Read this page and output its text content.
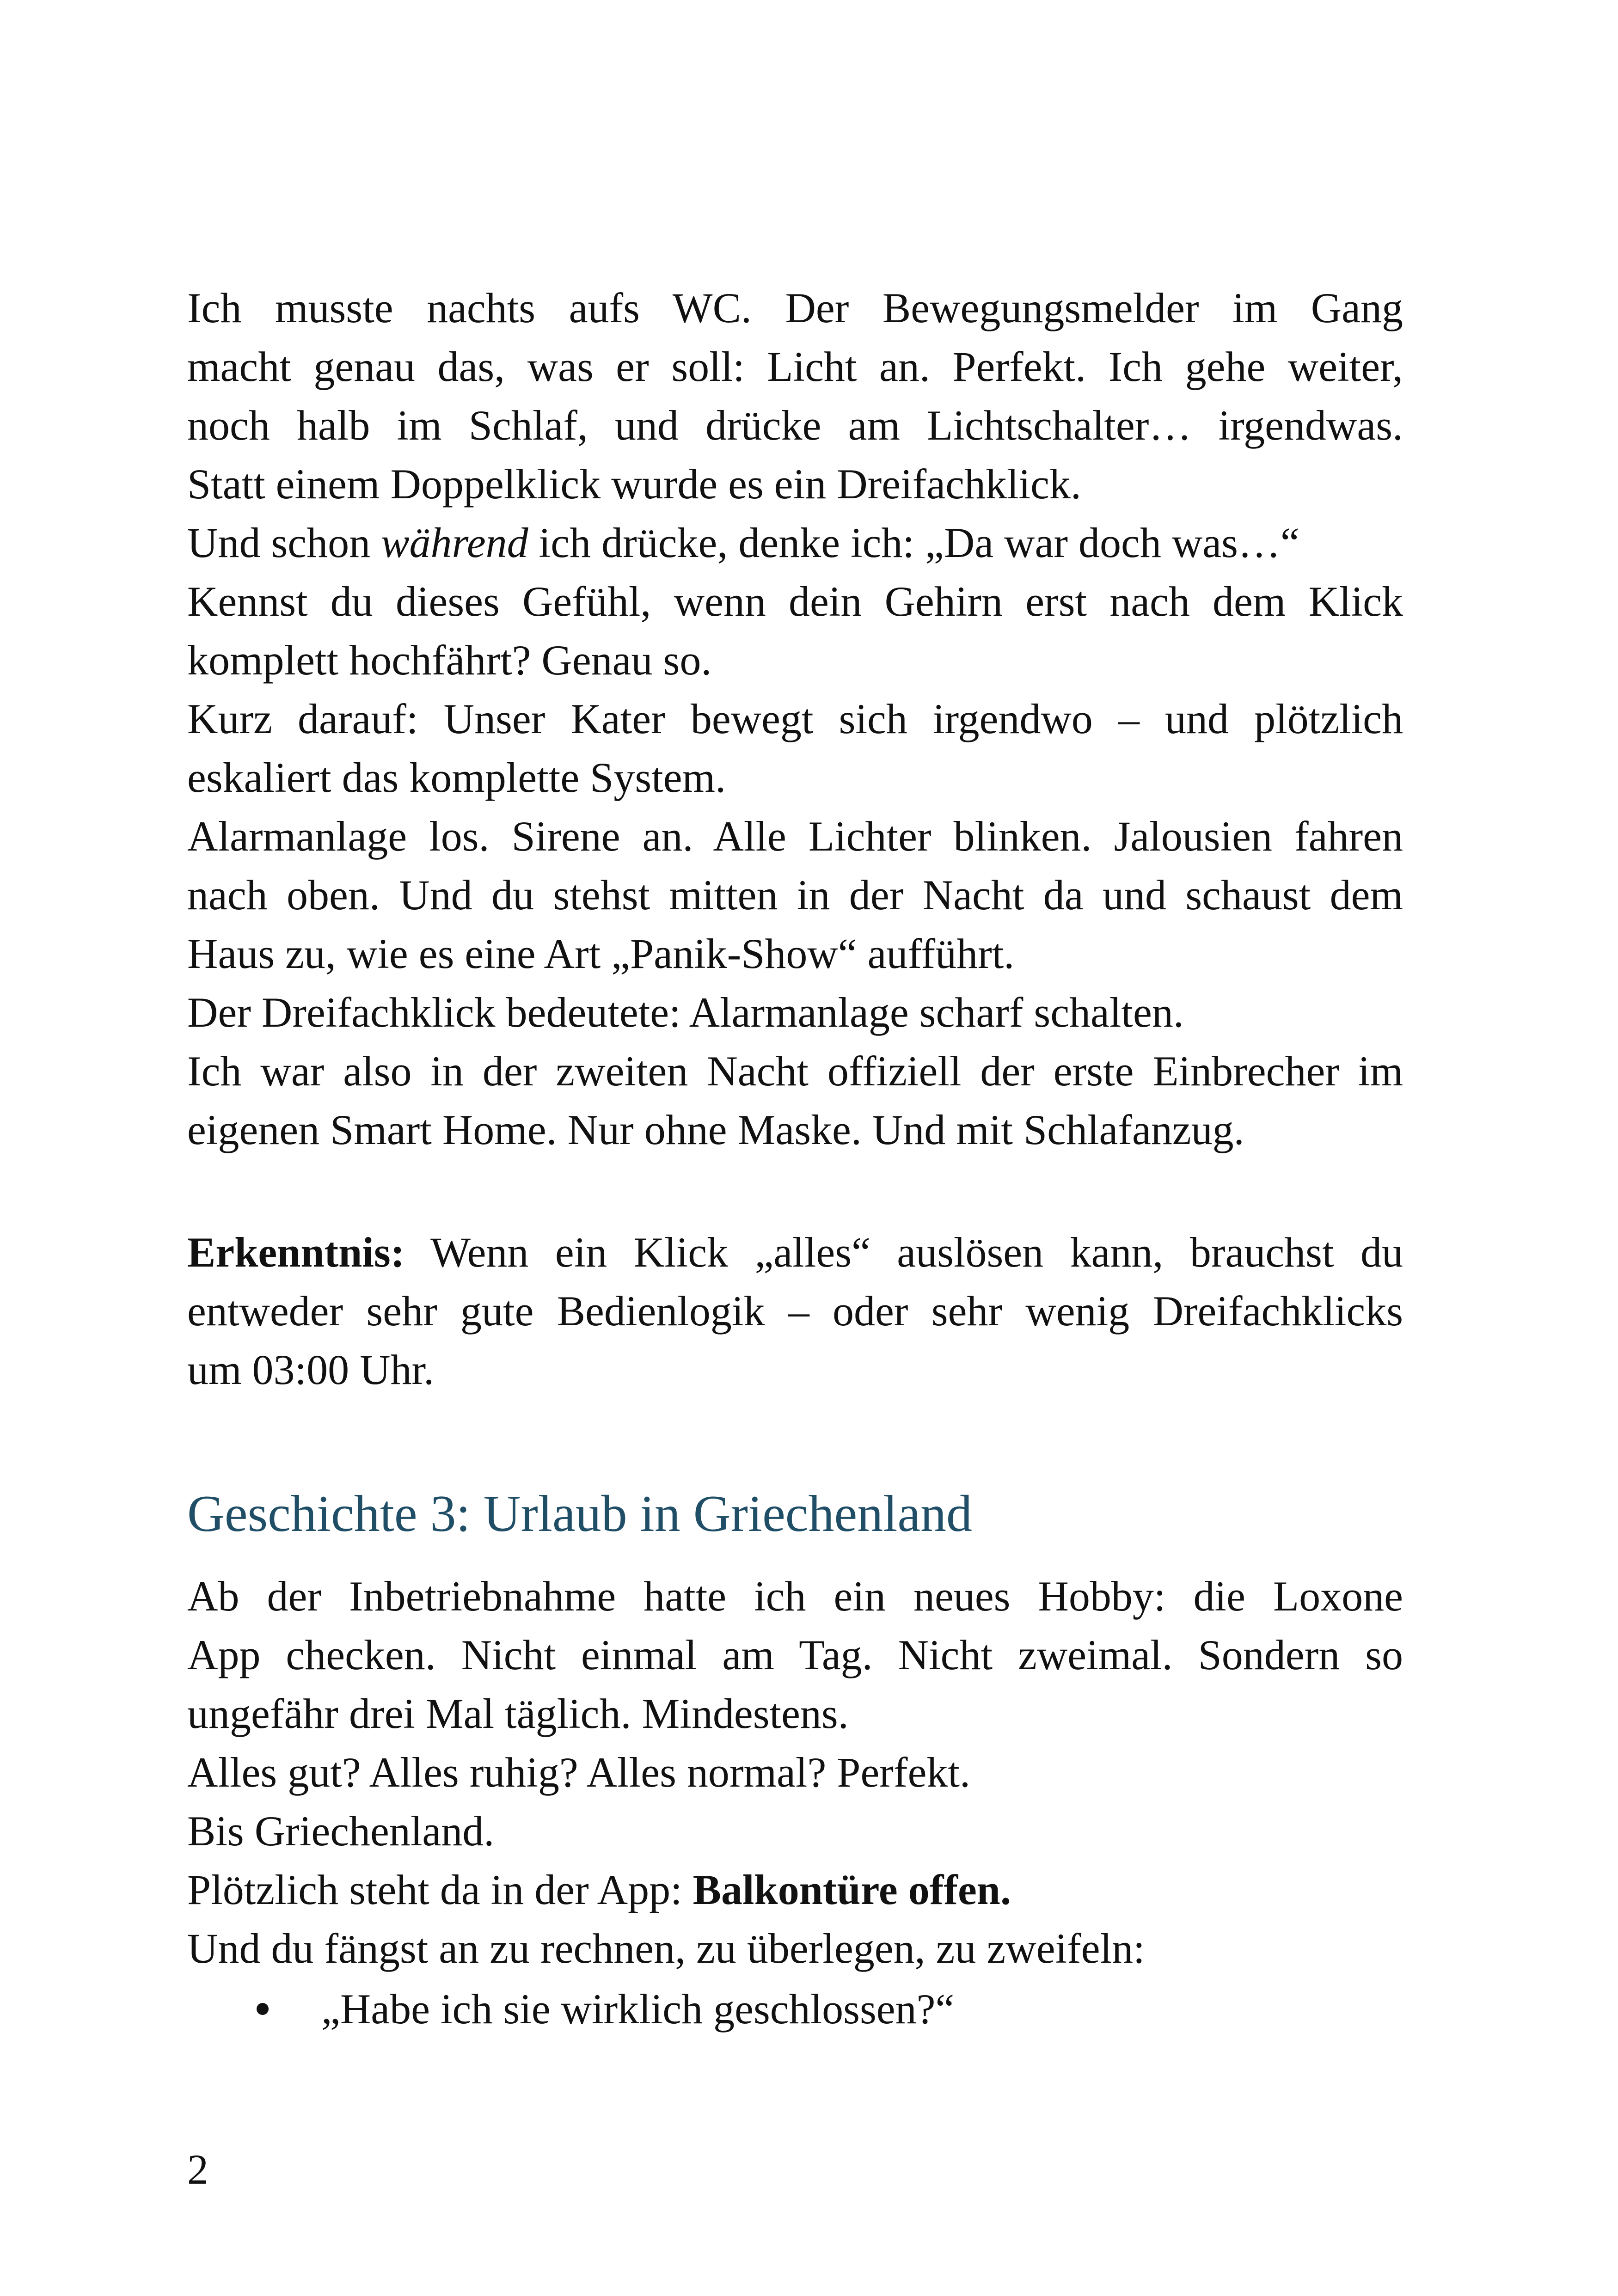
Ich musste nachts aufs WC. Der Bewegungsmelder im Gang
macht genau das, was er soll: Licht an. Perfekt. Ich gehe weiter,
noch halb im Schlaf, und drücke am Lichtschalter… irgendwas.
Statt einem Doppelklick wurde es ein Dreifachklick.
Und schon während ich drücke, denke ich: „Da war doch was…“
Kennst du dieses Gefühl, wenn dein Gehirn erst nach dem Klick
komplett hochfährt? Genau so.
Kurz darauf: Unser Kater bewegt sich irgendwo – und plötzlich
eskaliert das komplette System.
Alarmanlage los. Sirene an. Alle Lichter blinken. Jalousien fahren
nach oben. Und du stehst mitten in der Nacht da und schaust dem
Haus zu, wie es eine Art „Panik-Show“ aufführt.
Der Dreifachklick bedeutete: Alarmanlage scharf schalten.
Ich war also in der zweiten Nacht offiziell der erste Einbrecher im
eigenen Smart Home. Nur ohne Maske. Und mit Schlafanzug.
Erkenntnis: Wenn ein Klick „alles“ auslösen kann, brauchst du
entweder sehr gute Bedienlogik – oder sehr wenig Dreifachklicks
um 03:00 Uhr.
Geschichte 3: Urlaub in Griechenland
Ab der Inbetriebnahme hatte ich ein neues Hobby: die Loxone
App checken. Nicht einmal am Tag. Nicht zweimal. Sondern so
ungefähr drei Mal täglich. Mindestens.
Alles gut? Alles ruhig? Alles normal? Perfekt.
Bis Griechenland.
Plötzlich steht da in der App: Balkontüre offen.
Und du fängst an zu rechnen, zu überlegen, zu zweifeln:
„Habe ich sie wirklich geschlossen?“
2
